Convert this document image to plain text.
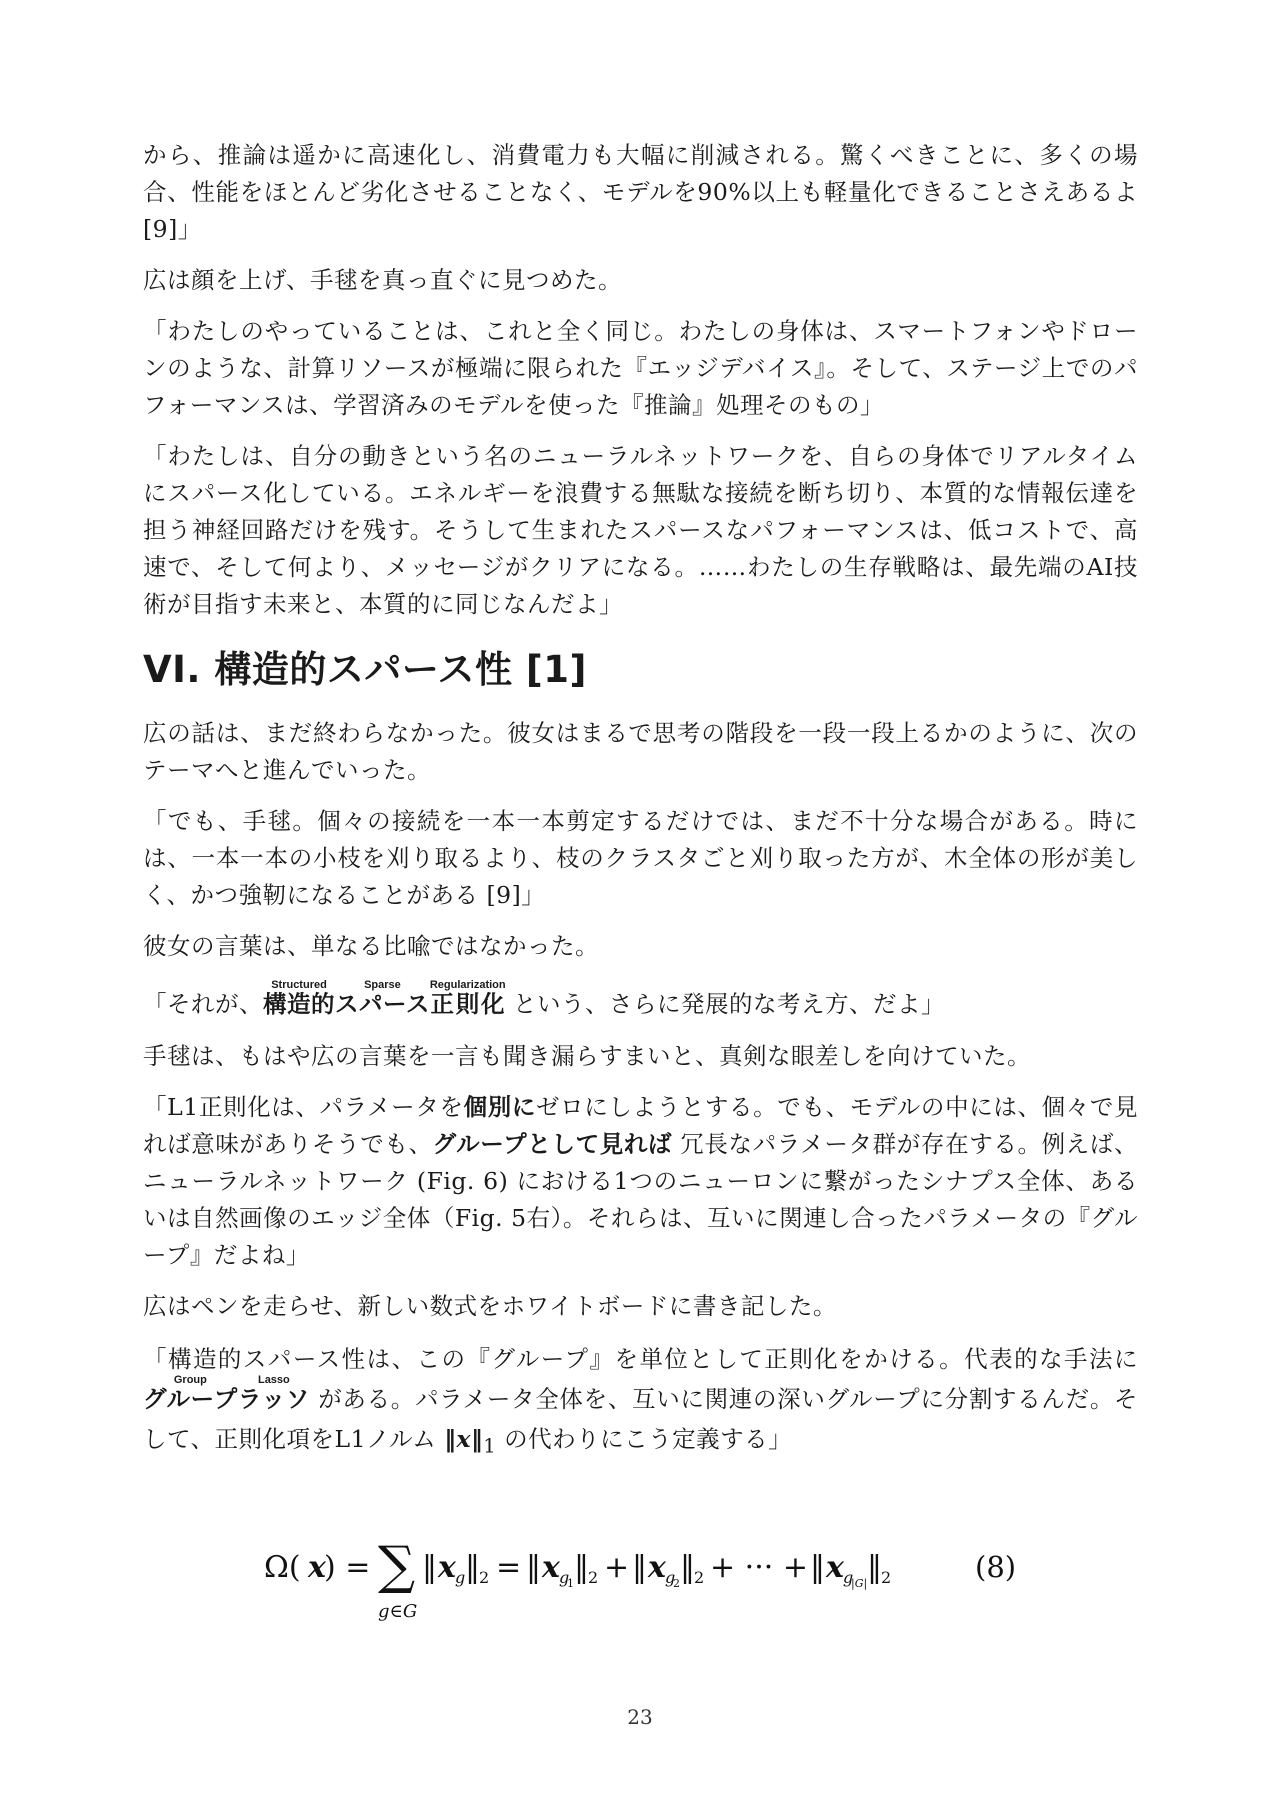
から、推論は遥かに高速化し、消費電力も大幅に削減される。驚くべきことに、多くの場合、性能をほとんど劣化させることなく、モデルを90%以上も軽量化できることさえあるよ [9]」

広は顔を上げ、手毬を真っ直ぐに見つめた。

「わたしのやっていることは、これと全く同じ。わたしの身体は、スマートフォンやドローンのような、計算リソースが極端に限られた『エッジデバイス』。そして、ステージ上でのパフォーマンスは、学習済みのモデルを使った『推論』処理そのもの」

「わたしは、自分の動きという名のニューラルネットワークを、自らの身体でリアルタイムにスパース化している。エネルギーを浪費する無駄な接続を断ち切り、本質的な情報伝達を担う神経回路だけを残す。そうして生まれたスパースなパフォーマンスは、低コストで、高速で、そして何より、メッセージがクリアになる。……わたしの生存戦略は、最先端のAI技術が目指す未来と、本質的に同じなんだよ」

VI. 構造的スパース性 [1]

広の話は、まだ終わらなかった。彼女はまるで思考の階段を一段一段上るかのように、次のテーマへと進んでいった。

「でも、手毬。個々の接続を一本一本剪定するだけでは、まだ不十分な場合がある。時には、一本一本の小枝を刈り取るより、枝のクラスタごと刈り取った方が、木全体の形が美しく、かつ強靭になることがある [9]」

彼女の言葉は、単なる比喩ではなかった。

「それが、構造的StructuredスパースSparse正則化Regularization という、さらに発展的な考え方、だよ」

手毬は、もはや広の言葉を一言も聞き漏らすまいと、真剣な眼差しを向けていた。

「L1正則化は、パラメータを個別にゼロにしようとする。でも、モデルの中には、個々で見れば意味がありそうでも、グループとして見れば 冗長なパラメータ群が存在する。例えば、ニューラルネットワーク (Fig. 6) における1つのニューロンに繋がったシナプス全体、あるいは自然画像のエッジ全体（Fig. 5右）。それらは、互いに関連し合ったパラメータの『グループ』だよね」

広はペンを走らせ、新しい数式をホワイトボードに書き記した。

「構造的スパース性は、この『グループ』を単位として正則化をかける。代表的な手法にグループGroupラッソLasso がある。パラメータ全体を、互いに関連の深いグループに分割するんだ。そして、正則化項をL1ノルム $‖x‖_1$ の代わりにこう定義する」

Ω( x
) = ∑
g∈G
‖ x g ‖ 2 = ‖ x g
1 ‖ 2 + ‖ x g
2 ‖ 2 + ··· + ‖ x g
|G| ‖ 2	(8)
23
